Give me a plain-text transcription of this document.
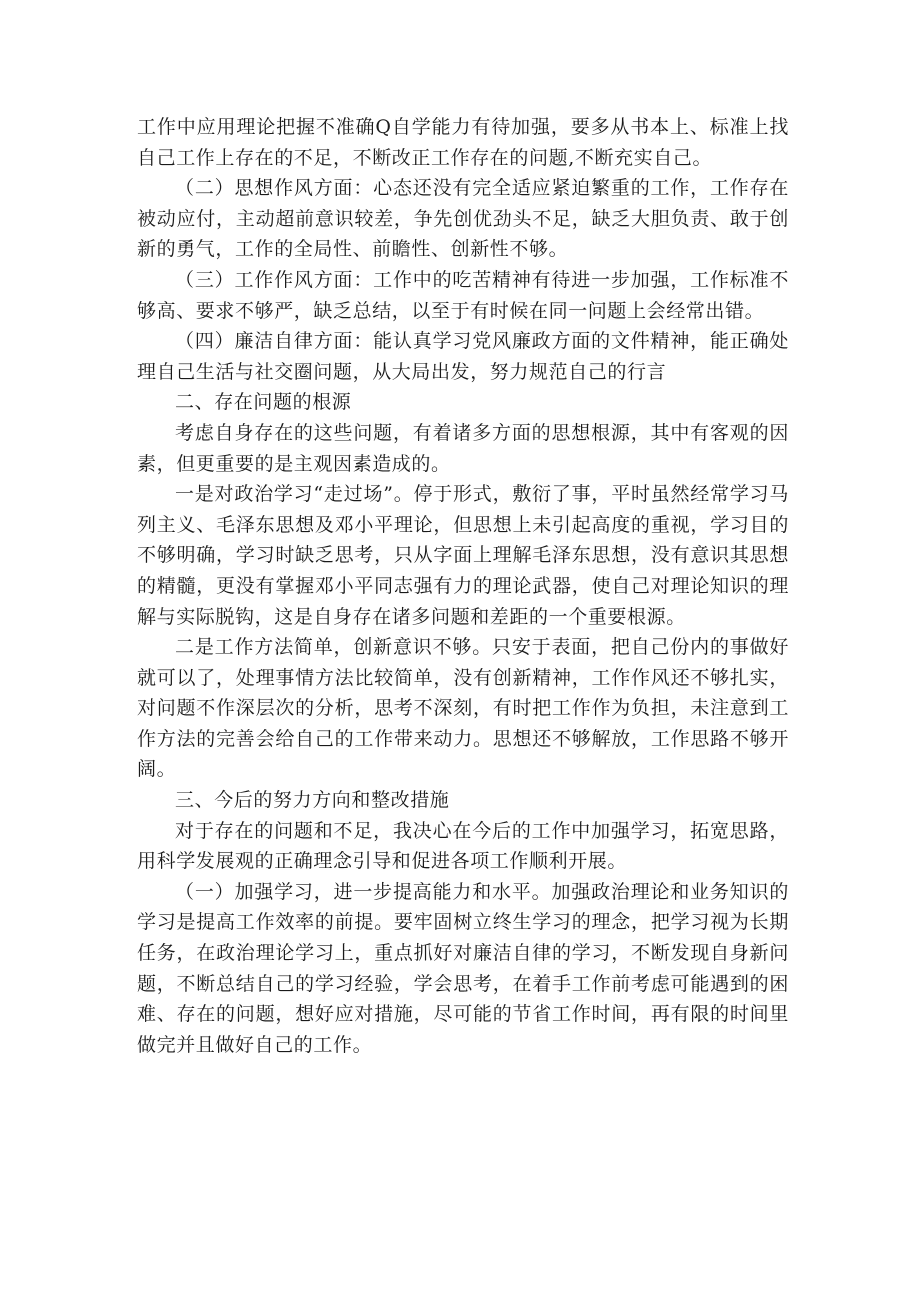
工作中应用理论把握不准确Q自学能力有待加强，要多从书本上、标准上找自己工作上存在的不足，不断改正工作存在的问题,不断充实自己。

（二）思想作风方面：心态还没有完全适应紧迫繁重的工作，工作存在被动应付，主动超前意识较差，争先创优劲头不足，缺乏大胆负责、敢于创新的勇气，工作的全局性、前瞻性、创新性不够。

（三）工作作风方面：工作中的吃苦精神有待进一步加强，工作标准不够高、要求不够严，缺乏总结，以至于有时候在同一问题上会经常出错。

（四）廉洁自律方面：能认真学习党风廉政方面的文件精神，能正确处理自己生活与社交圈问题，从大局出发，努力规范自己的行言

二、存在问题的根源

考虑自身存在的这些问题，有着诸多方面的思想根源，其中有客观的因素，但更重要的是主观因素造成的。

一是对政治学习“走过场”。停于形式，敷衍了事，平时虽然经常学习马列主义、毛泽东思想及邓小平理论，但思想上未引起高度的重视，学习目的不够明确，学习时缺乏思考，只从字面上理解毛泽东思想，没有意识其思想的精髓，更没有掌握邓小平同志强有力的理论武器，使自己对理论知识的理解与实际脱钩，这是自身存在诸多问题和差距的一个重要根源。

二是工作方法简单，创新意识不够。只安于表面，把自己份内的事做好就可以了，处理事情方法比较简单，没有创新精神，工作作风还不够扎实，对问题不作深层次的分析，思考不深刻，有时把工作作为负担，未注意到工作方法的完善会给自己的工作带来动力。思想还不够解放，工作思路不够开阔。

三、今后的努力方向和整改措施

对于存在的问题和不足，我决心在今后的工作中加强学习，拓宽思路，用科学发展观的正确理念引导和促进各项工作顺利开展。

（一）加强学习，进一步提高能力和水平。加强政治理论和业务知识的学习是提高工作效率的前提。要牢固树立终生学习的理念，把学习视为长期任务，在政治理论学习上，重点抓好对廉洁自律的学习，不断发现自身新问题，不断总结自己的学习经验，学会思考，在着手工作前考虑可能遇到的困难、存在的问题，想好应对措施，尽可能的节省工作时间，再有限的时间里做完并且做好自己的工作。
